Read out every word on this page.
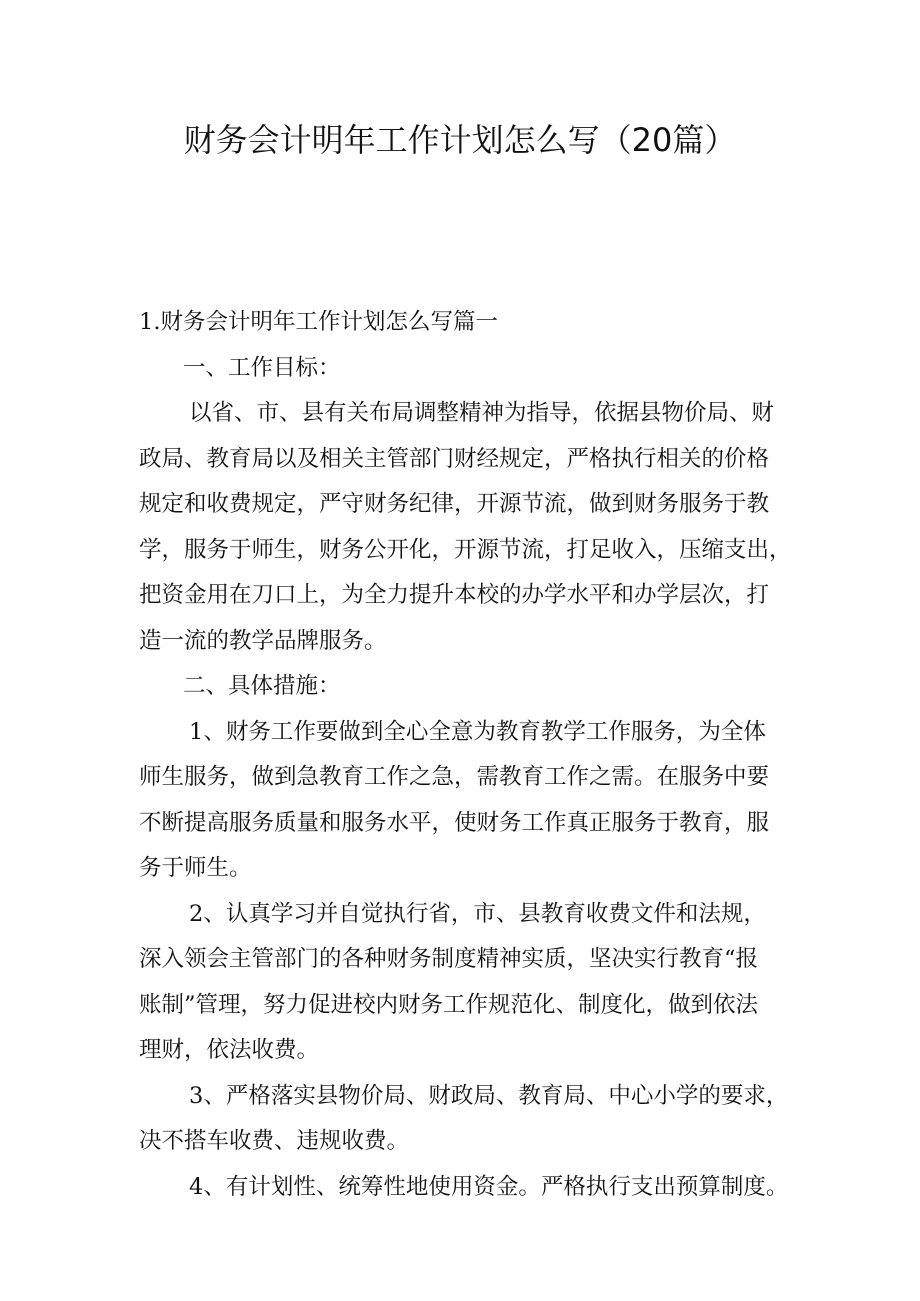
财务会计明年工作计划怎么写（20篇）
1.财务会计明年工作计划怎么写篇一
一、工作目标：
以省、市、县有关布局调整精神为指导，依据县物价局、财
政局、教育局以及相关主管部门财经规定，严格执行相关的价格
规定和收费规定，严守财务纪律，开源节流，做到财务服务于教
学，服务于师生，财务公开化，开源节流，打足收入，压缩支出，
把资金用在刀口上，为全力提升本校的办学水平和办学层次，打
造一流的教学品牌服务。
二、具体措施：
1、财务工作要做到全心全意为教育教学工作服务，为全体
师生服务，做到急教育工作之急，需教育工作之需。在服务中要
不断提高服务质量和服务水平，使财务工作真正服务于教育，服
务于师生。
2、认真学习并自觉执行省，市、县教育收费文件和法规，
深入领会主管部门的各种财务制度精神实质，坚决实行教育“报
账制”管理，努力促进校内财务工作规范化、制度化，做到依法
理财，依法收费。
3、严格落实县物价局、财政局、教育局、中心小学的要求，
决不搭车收费、违规收费。
4、有计划性、统筹性地使用资金。严格执行支出预算制度。
